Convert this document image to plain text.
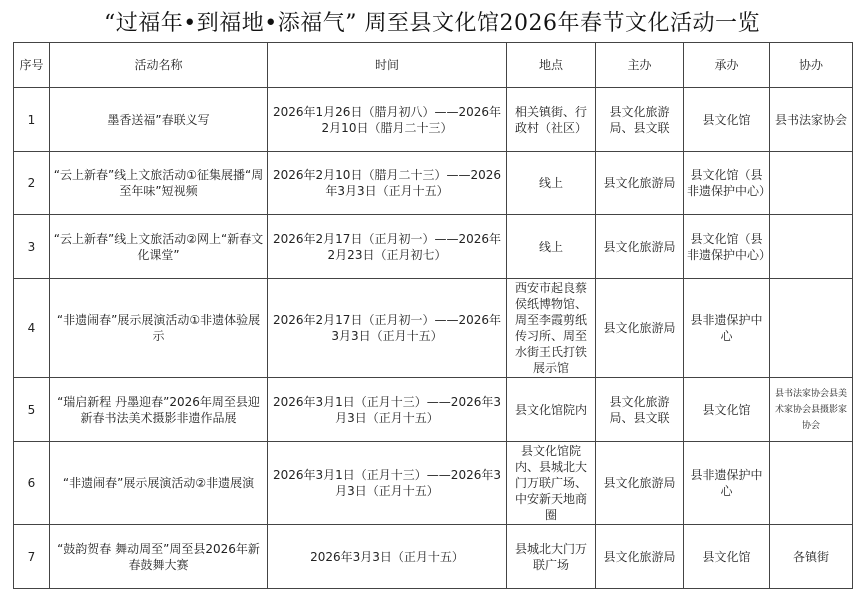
“过福年•到福地•添福气” 周至县文化馆2026年春节文化活动一览
序号	活动名称	时间	地点	主办	承办	协办
1	墨香送福”春联义写	2026年1月26日（腊月初八）——2026年2月10日（腊月二十三）	相关镇街、行政村（社区）	县文化旅游局、县文联	县文化馆	县书法家协会
2	“云上新春”线上文旅活动①征集展播“周至年味”短视频	2026年2月10日（腊月二十三）——2026年3月3日（正月十五）	线上	县文化旅游局	县文化馆（县非遗保护中心）	
3	“云上新春”线上文旅活动②网上“新春文化课堂”	2026年2月17日（正月初一）——2026年2月23日（正月初七）	线上	县文化旅游局	县文化馆（县非遗保护中心）	
4	“非遗闹春”展示展演活动①非遗体验展示	2026年2月17日（正月初一）——2026年3月3日（正月十五）	西安市起良蔡侯纸博物馆、周至李霞剪纸传习所、周至水街王氏打铁展示馆	县文化旅游局	县非遗保护中心	
5	“瑞启新程 丹墨迎春”2026年周至县迎新春书法美术摄影非遗作品展	2026年3月1日（正月十三）——2026年3月3日（正月十五）	县文化馆院内	县文化旅游局、县文联	县文化馆	县书法家协会县美术家协会县摄影家协会
6	“非遗闹春”展示展演活动②非遗展演	2026年3月1日（正月十三）——2026年3月3日（正月十五）	县文化馆院内、县城北大门万联广场、中安新天地商圈	县文化旅游局	县非遗保护中心	
7	“鼓韵贺春 舞动周至”周至县2026年新春鼓舞大赛	2026年3月3日（正月十五）	县城北大门万联广场	县文化旅游局	县文化馆	各镇街
